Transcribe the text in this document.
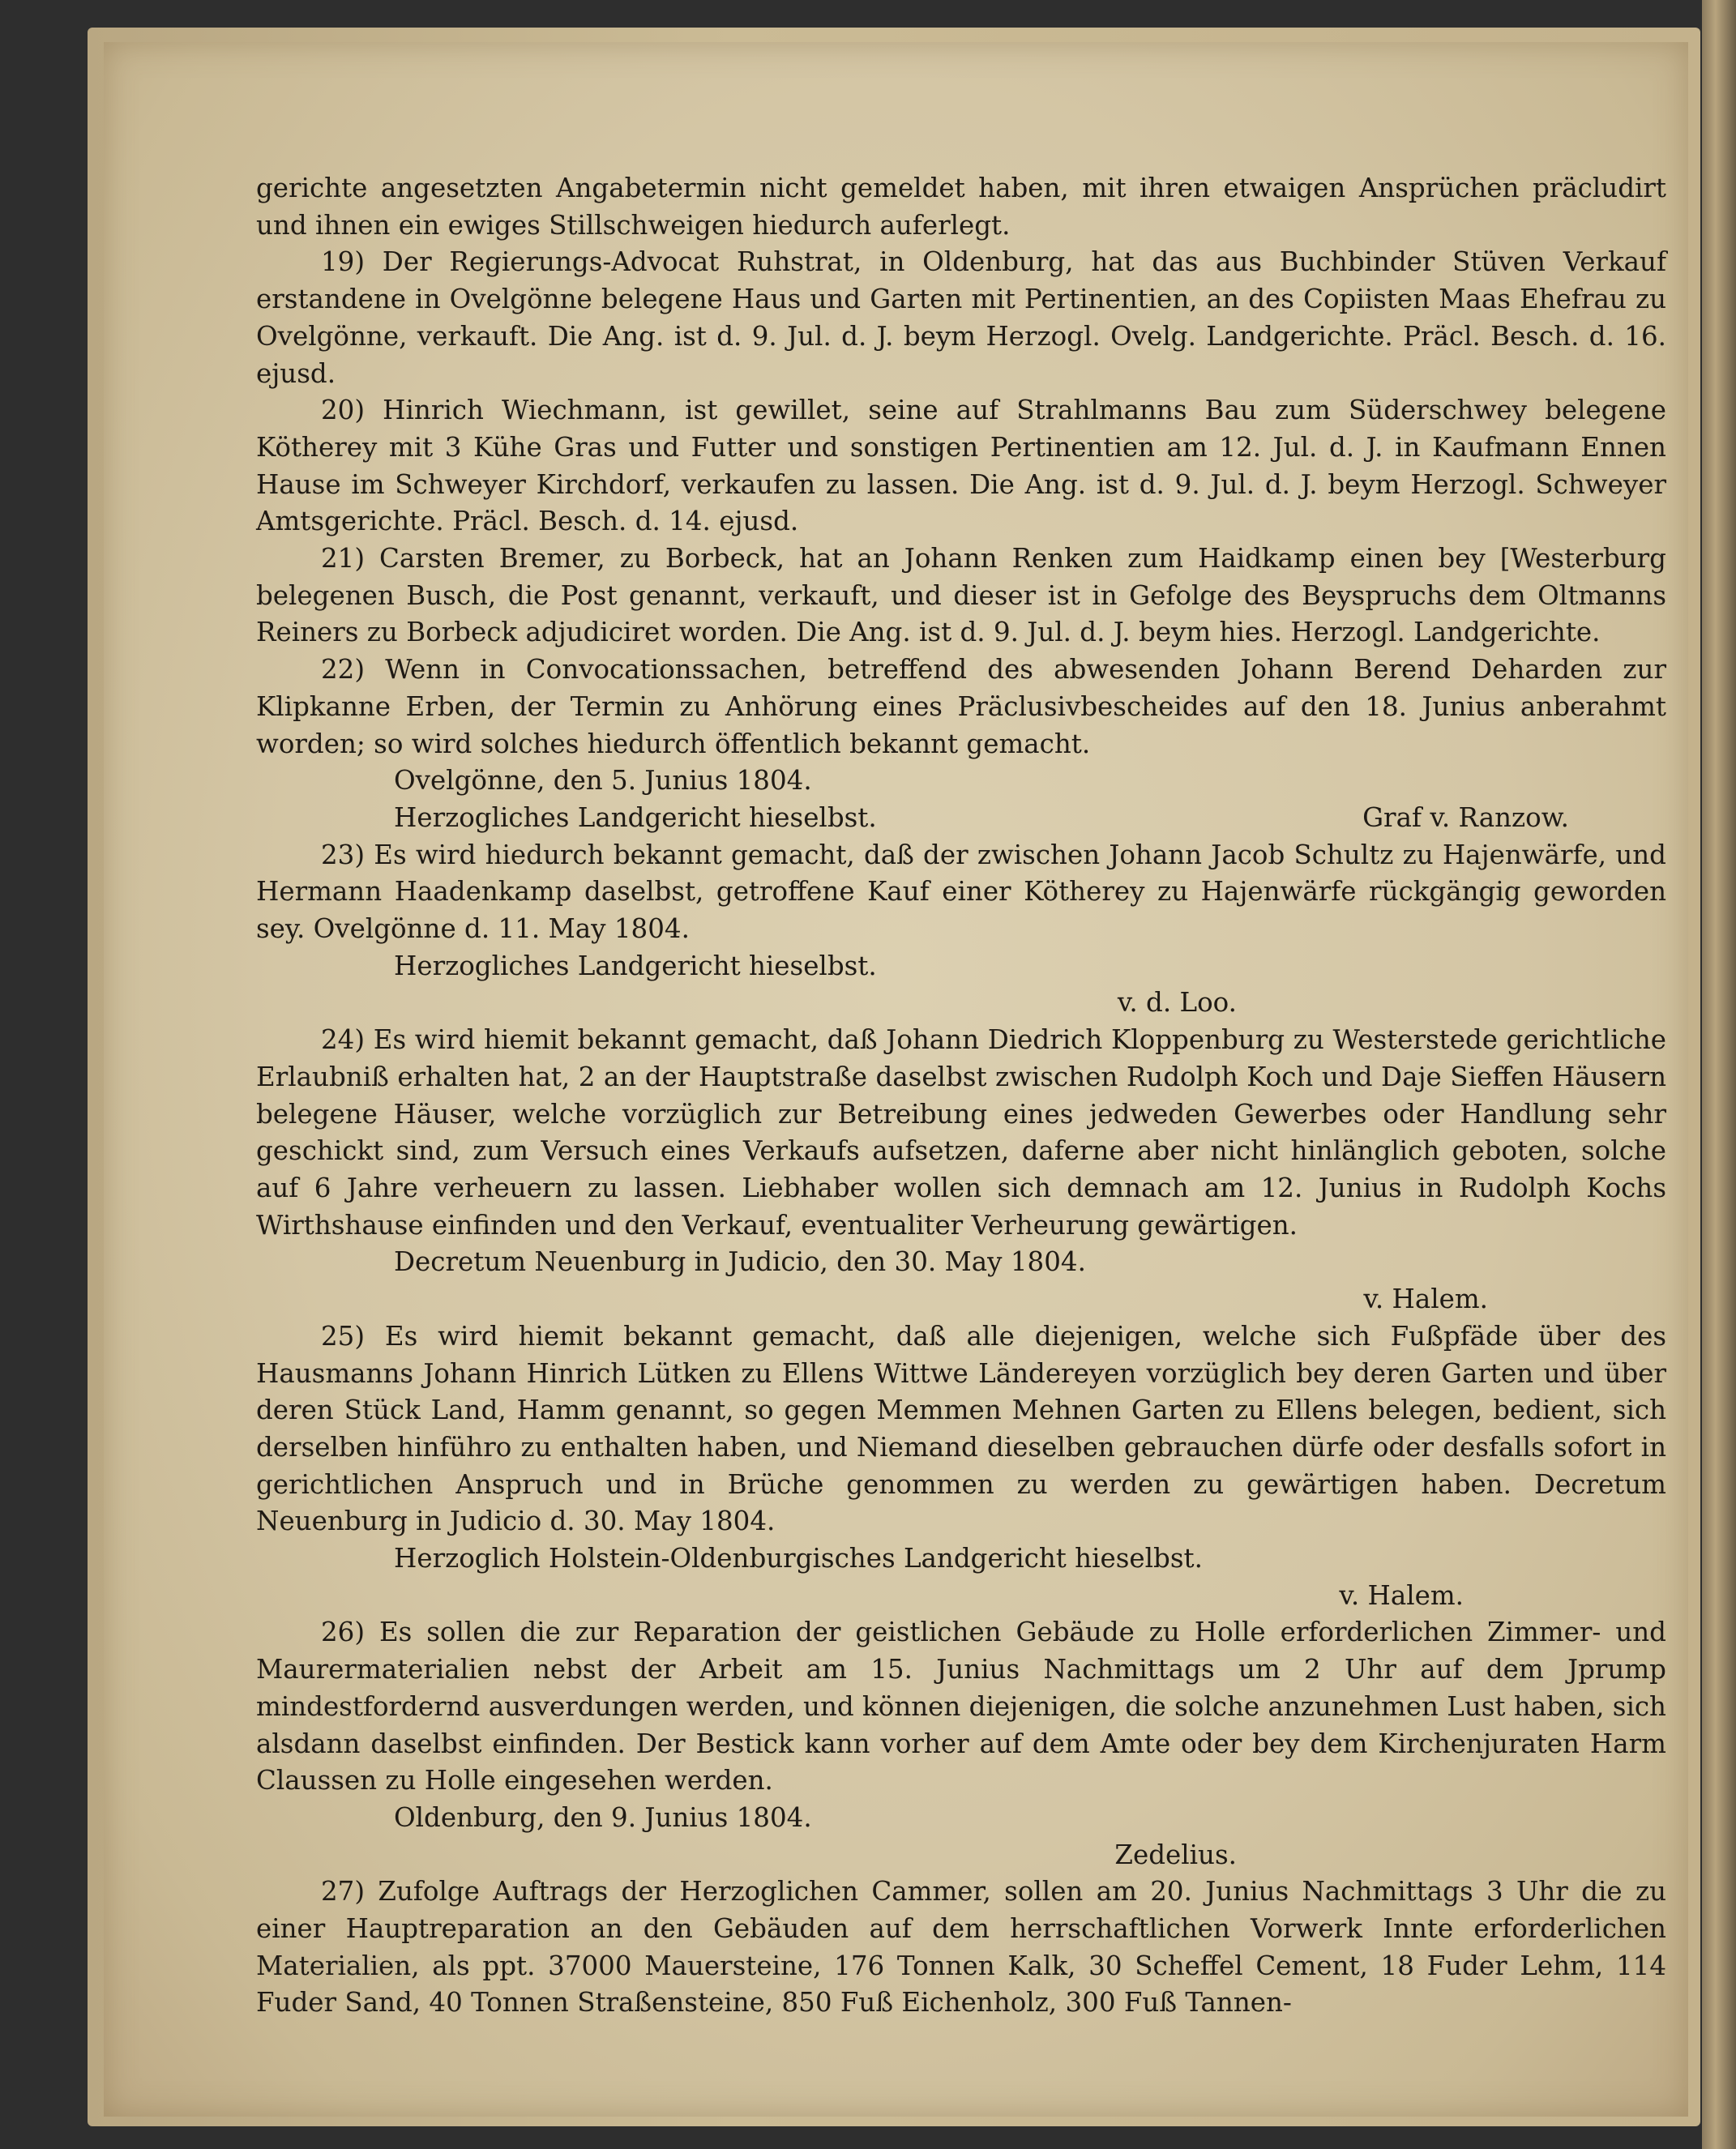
gerichte angesetzten Angabetermin nicht gemeldet haben, mit ihren etwaigen Ansprüchen präcludirt und ihnen ein ewiges Stillschweigen hiedurch auferlegt.

19) Der Regierungs-Advocat Ruhstrat, in Oldenburg, hat das aus Buchbinder Stüven Verkauf erstandene in Ovelgönne belegene Haus und Garten mit Pertinentien, an des Copiisten Maas Ehefrau zu Ovelgönne, verkauft. Die Ang. ist d. 9. Jul. d. J. beym Herzogl. Ovelg. Landgerichte. Präcl. Besch. d. 16. ejusd.

20) Hinrich Wiechmann, ist gewillet, seine auf Strahlmanns Bau zum Süderschwey belegene Kötherey mit 3 Kühe Gras und Futter und sonstigen Pertinentien am 12. Jul. d. J. in Kaufmann Ennen Hause im Schweyer Kirchdorf, verkaufen zu lassen. Die Ang. ist d. 9. Jul. d. J. beym Herzogl. Schweyer Amtsgerichte. Präcl. Besch. d. 14. ejusd.

21) Carsten Bremer, zu Borbeck, hat an Johann Renken zum Haidkamp einen bey [Westerburg belegenen Busch, die Post genannt, verkauft, und dieser ist in Gefolge des Beyspruchs dem Oltmanns Reiners zu Borbeck adjudiciret worden. Die Ang. ist d. 9. Jul. d. J. beym hies. Herzogl. Landgerichte.

22) Wenn in Convocationssachen, betreffend des abwesenden Johann Berend Deharden zur Klipkanne Erben, der Termin zu Anhörung eines Präclusivbescheides auf den 18. Junius anberahmt worden; so wird solches hiedurch öffentlich bekannt gemacht.

Ovelgönne, den 5. Junius 1804.

Herzogliches Landgericht hieselbst.	Graf v. Ranzow.

23) Es wird hiedurch bekannt gemacht, daß der zwischen Johann Jacob Schultz zu Hajenwärfe, und Hermann Haadenkamp daselbst, getroffene Kauf einer Kötherey zu Hajenwärfe rückgängig geworden sey. Ovelgönne d. 11. May 1804.

Herzogliches Landgericht hieselbst.

v. d. Loo.

24) Es wird hiemit bekannt gemacht, daß Johann Diedrich Kloppenburg zu Westerstede gerichtliche Erlaubniß erhalten hat, 2 an der Hauptstraße daselbst zwischen Rudolph Koch und Daje Sieffen Häusern belegene Häuser, welche vorzüglich zur Betreibung eines jedweden Gewerbes oder Handlung sehr geschickt sind, zum Versuch eines Verkaufs aufsetzen, daferne aber nicht hinlänglich geboten, solche auf 6 Jahre verheuern zu lassen. Liebhaber wollen sich demnach am 12. Junius in Rudolph Kochs Wirthshause einfinden und den Verkauf, eventualiter Verheurung gewärtigen.

Decretum Neuenburg in Judicio, den 30. May 1804.

v. Halem.

25) Es wird hiemit bekannt gemacht, daß alle diejenigen, welche sich Fußpfäde über des Hausmanns Johann Hinrich Lütken zu Ellens Wittwe Ländereyen vorzüglich bey deren Garten und über deren Stück Land, Hamm genannt, so gegen Memmen Mehnen Garten zu Ellens belegen, bedient, sich derselben hinführo zu enthalten haben, und Niemand dieselben gebrauchen dürfe oder desfalls sofort in gerichtlichen Anspruch und in Brüche genommen zu werden zu gewärtigen haben. Decretum Neuenburg in Judicio d. 30. May 1804.

Herzoglich Holstein-Oldenburgisches Landgericht hieselbst.

v. Halem.

26) Es sollen die zur Reparation der geistlichen Gebäude zu Holle erforderlichen Zimmer- und Maurermaterialien nebst der Arbeit am 15. Junius Nachmittags um 2 Uhr auf dem Jprump mindestfordernd ausverdungen werden, und können diejenigen, die solche anzunehmen Lust haben, sich alsdann daselbst einfinden. Der Bestick kann vorher auf dem Amte oder bey dem Kirchenjuraten Harm Claussen zu Holle eingesehen werden.

Oldenburg, den 9. Junius 1804.

Zedelius.

27) Zufolge Auftrags der Herzoglichen Cammer, sollen am 20. Junius Nachmittags 3 Uhr die zu einer Hauptreparation an den Gebäuden auf dem herrschaftlichen Vorwerk Innte erforderlichen Materialien, als ppt. 37000 Mauersteine, 176 Tonnen Kalk, 30 Scheffel Cement, 18 Fuder Lehm, 114 Fuder Sand, 40 Tonnen Straßensteine, 850 Fuß Eichenholz, 300 Fuß Tannen-
